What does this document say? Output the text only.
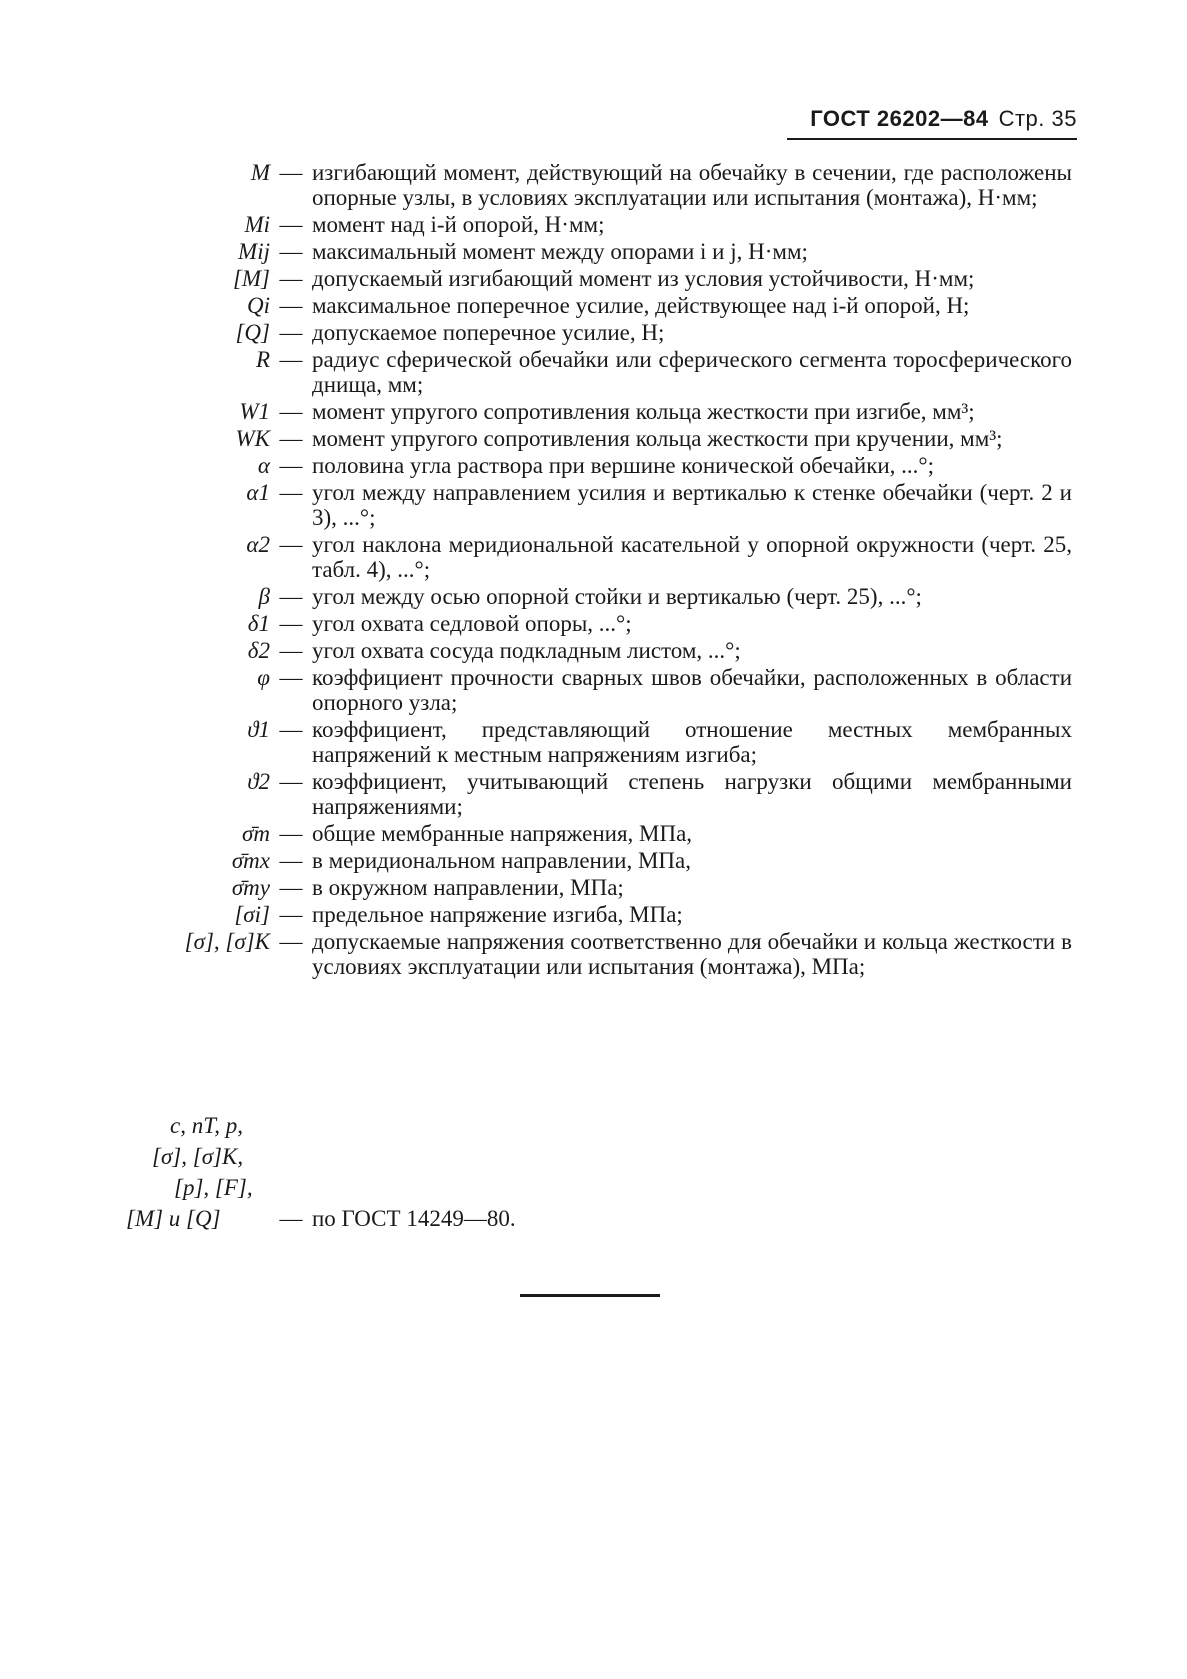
ГОСТ 26202—84 Стр. 35
M — изгибающий момент, действующий на обечайку в сечении, где расположены опорные узлы, в условиях эксплуатации или испытания (монтажа), Н·мм;
Mi — момент над i-й опорой, Н·мм;
Mij — максимальный момент между опорами i и j, Н·мм;
[M] — допускаемый изгибающий момент из условия устойчивости, Н·мм;
Qi — максимальное поперечное усилие, действующее над i-й опорой, Н;
[Q] — допускаемое поперечное усилие, Н;
R — радиус сферической обечайки или сферического сегмента торосферического днища, мм;
W1 — момент упругого сопротивления кольца жесткости при изгибе, мм³;
WK — момент упругого сопротивления кольца жесткости при кручении, мм³;
α — половина угла раствора при вершине конической обечайки, ...°;
α1 — угол между направлением усилия и вертикалью к стенке обечайки (черт. 2 и 3), ...°;
α2 — угол наклона меридиональной касательной у опорной окружности (черт. 25, табл. 4), ...°;
β — угол между осью опорной стойки и вертикалью (черт. 25), ...°;
δ1 — угол охвата седловой опоры, ...°;
δ2 — угол охвата сосуда подкладным листом, ...°;
φ — коэффициент прочности сварных швов обечайки, расположенных в области опорного узла;
ϑ1 — коэффициент, представляющий отношение местных мембранных напряжений к местным напряжениям изгиба;
ϑ2 — коэффициент, учитывающий степень нагрузки общими мембранными напряжениями;
σ̄m — общие мембранные напряжения, МПа,
σ̄mx — в меридиональном направлении, МПа,
σ̄my — в окружном направлении, МПа;
[σi] — предельное напряжение изгиба, МПа;
[σ], [σ]K — допускаемые напряжения соответственно для обечайки и кольца жесткости в условиях эксплуатации или испытания (монтажа), МПа;
c, nT, p,
[σ], [σ]K,
[p], [F],
[M] и [Q]	— по ГОСТ 14249—80.
